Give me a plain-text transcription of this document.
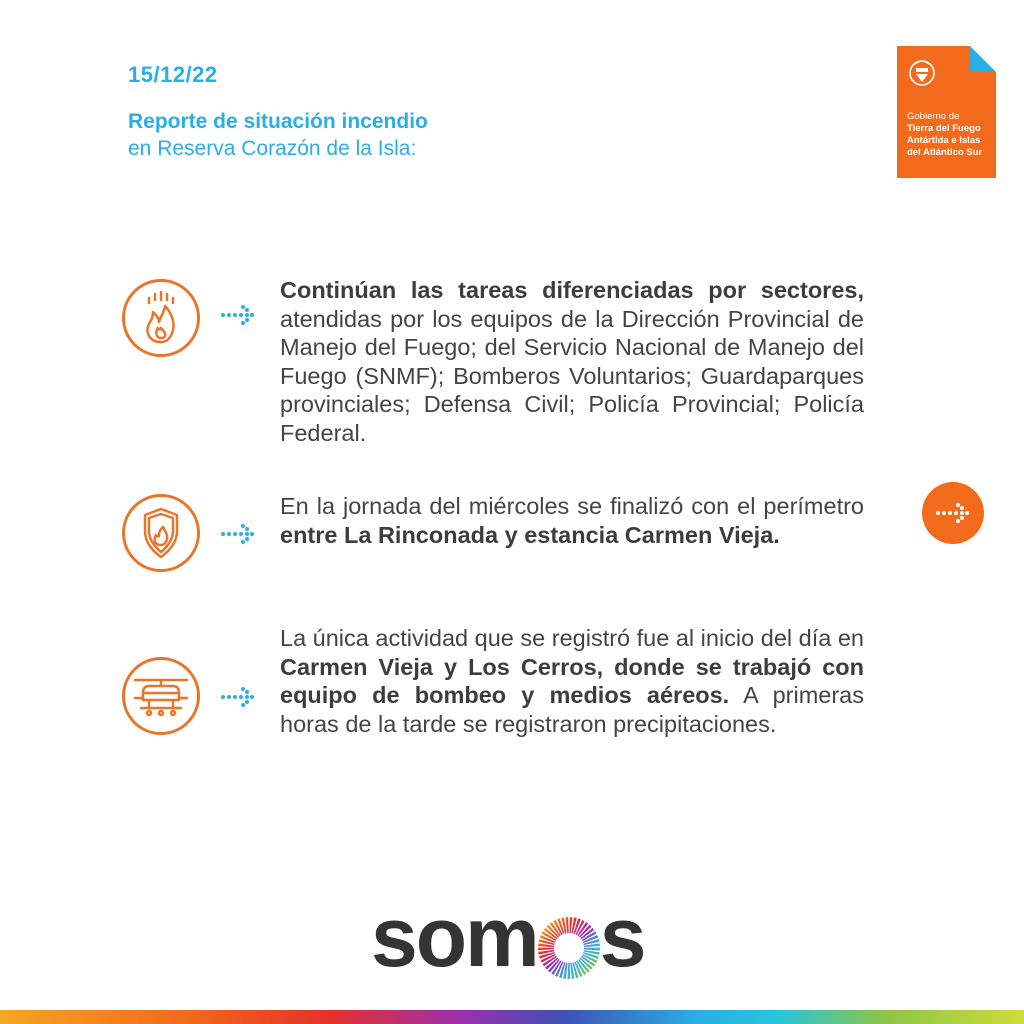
15/12/22
Reporte de situación incendio
en Reserva Corazón de la Isla:
Gobierno de
Tierra del Fuego
Antártida e Islas
del Atlántico Sur
Continúan las tareas diferenciadas por sectores, atendidas por los equipos de la Dirección Provincial de Manejo del Fuego; del Servicio Nacional de Manejo del Fuego (SNMF); Bomberos Voluntarios; Guardaparques provinciales; Defensa Civil; Policía Provincial; Policía Federal.
En la jornada del miércoles se finalizó con el perímetro entre La Rinconada y estancia Carmen Vieja.
La única actividad que se registró fue al inicio del día en Carmen Vieja y Los Cerros, donde se trabajó con equipo de bombeo y medios aéreos. A primeras horas de la tarde se registraron precipitaciones.
som s
